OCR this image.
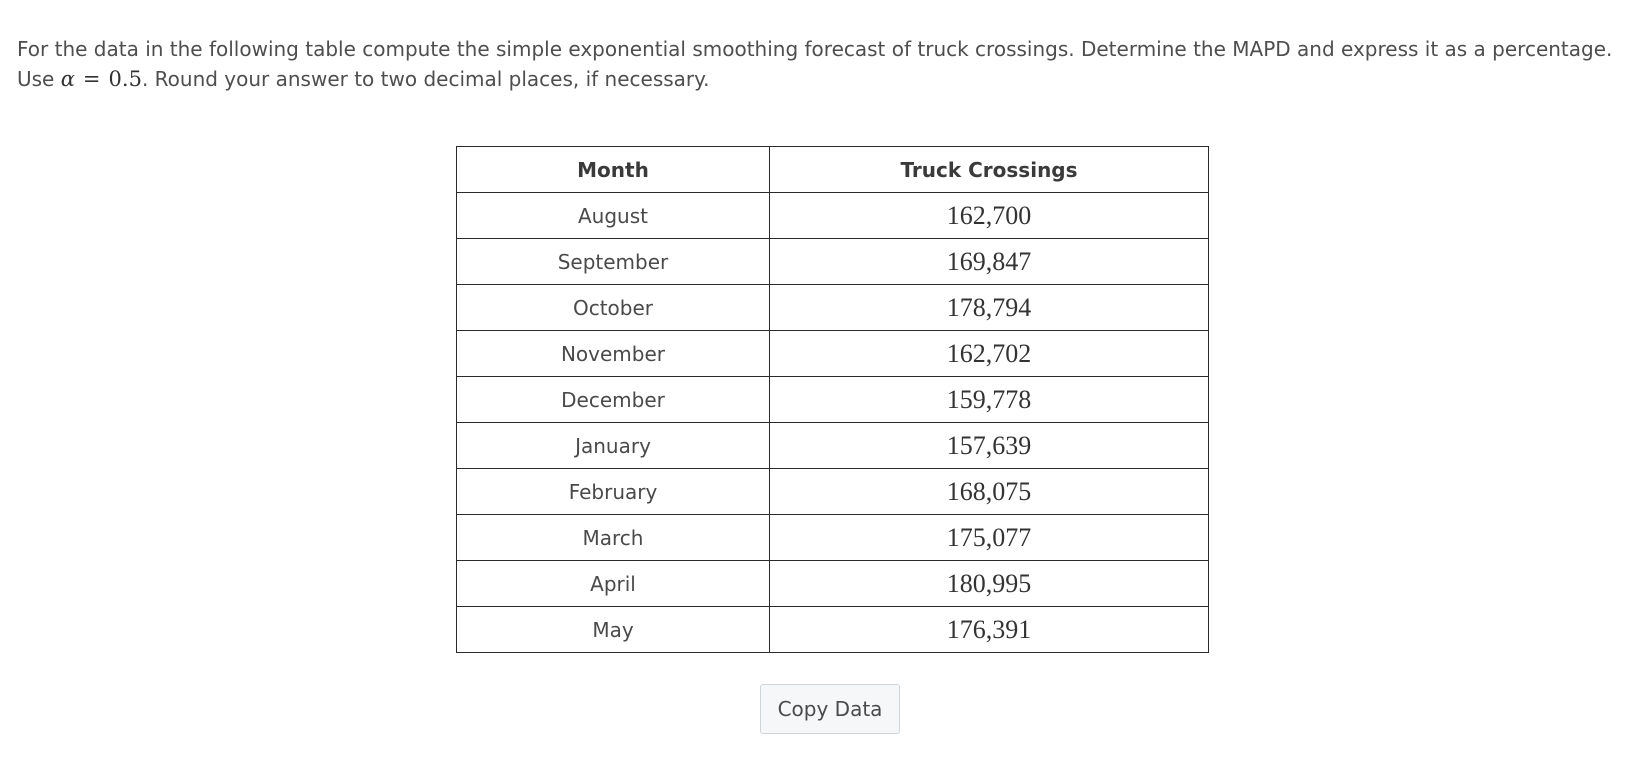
For the data in the following table compute the simple exponential smoothing forecast of truck crossings. Determine the MAPD and express it as a percentage. Use α = 0.5. Round your answer to two decimal places, if necessary.
Month	Truck Crossings
August	162,700
September	169,847
October	178,794
November	162,702
December	159,778
January	157,639
February	168,075
March	175,077
April	180,995
May	176,391
Copy Data
